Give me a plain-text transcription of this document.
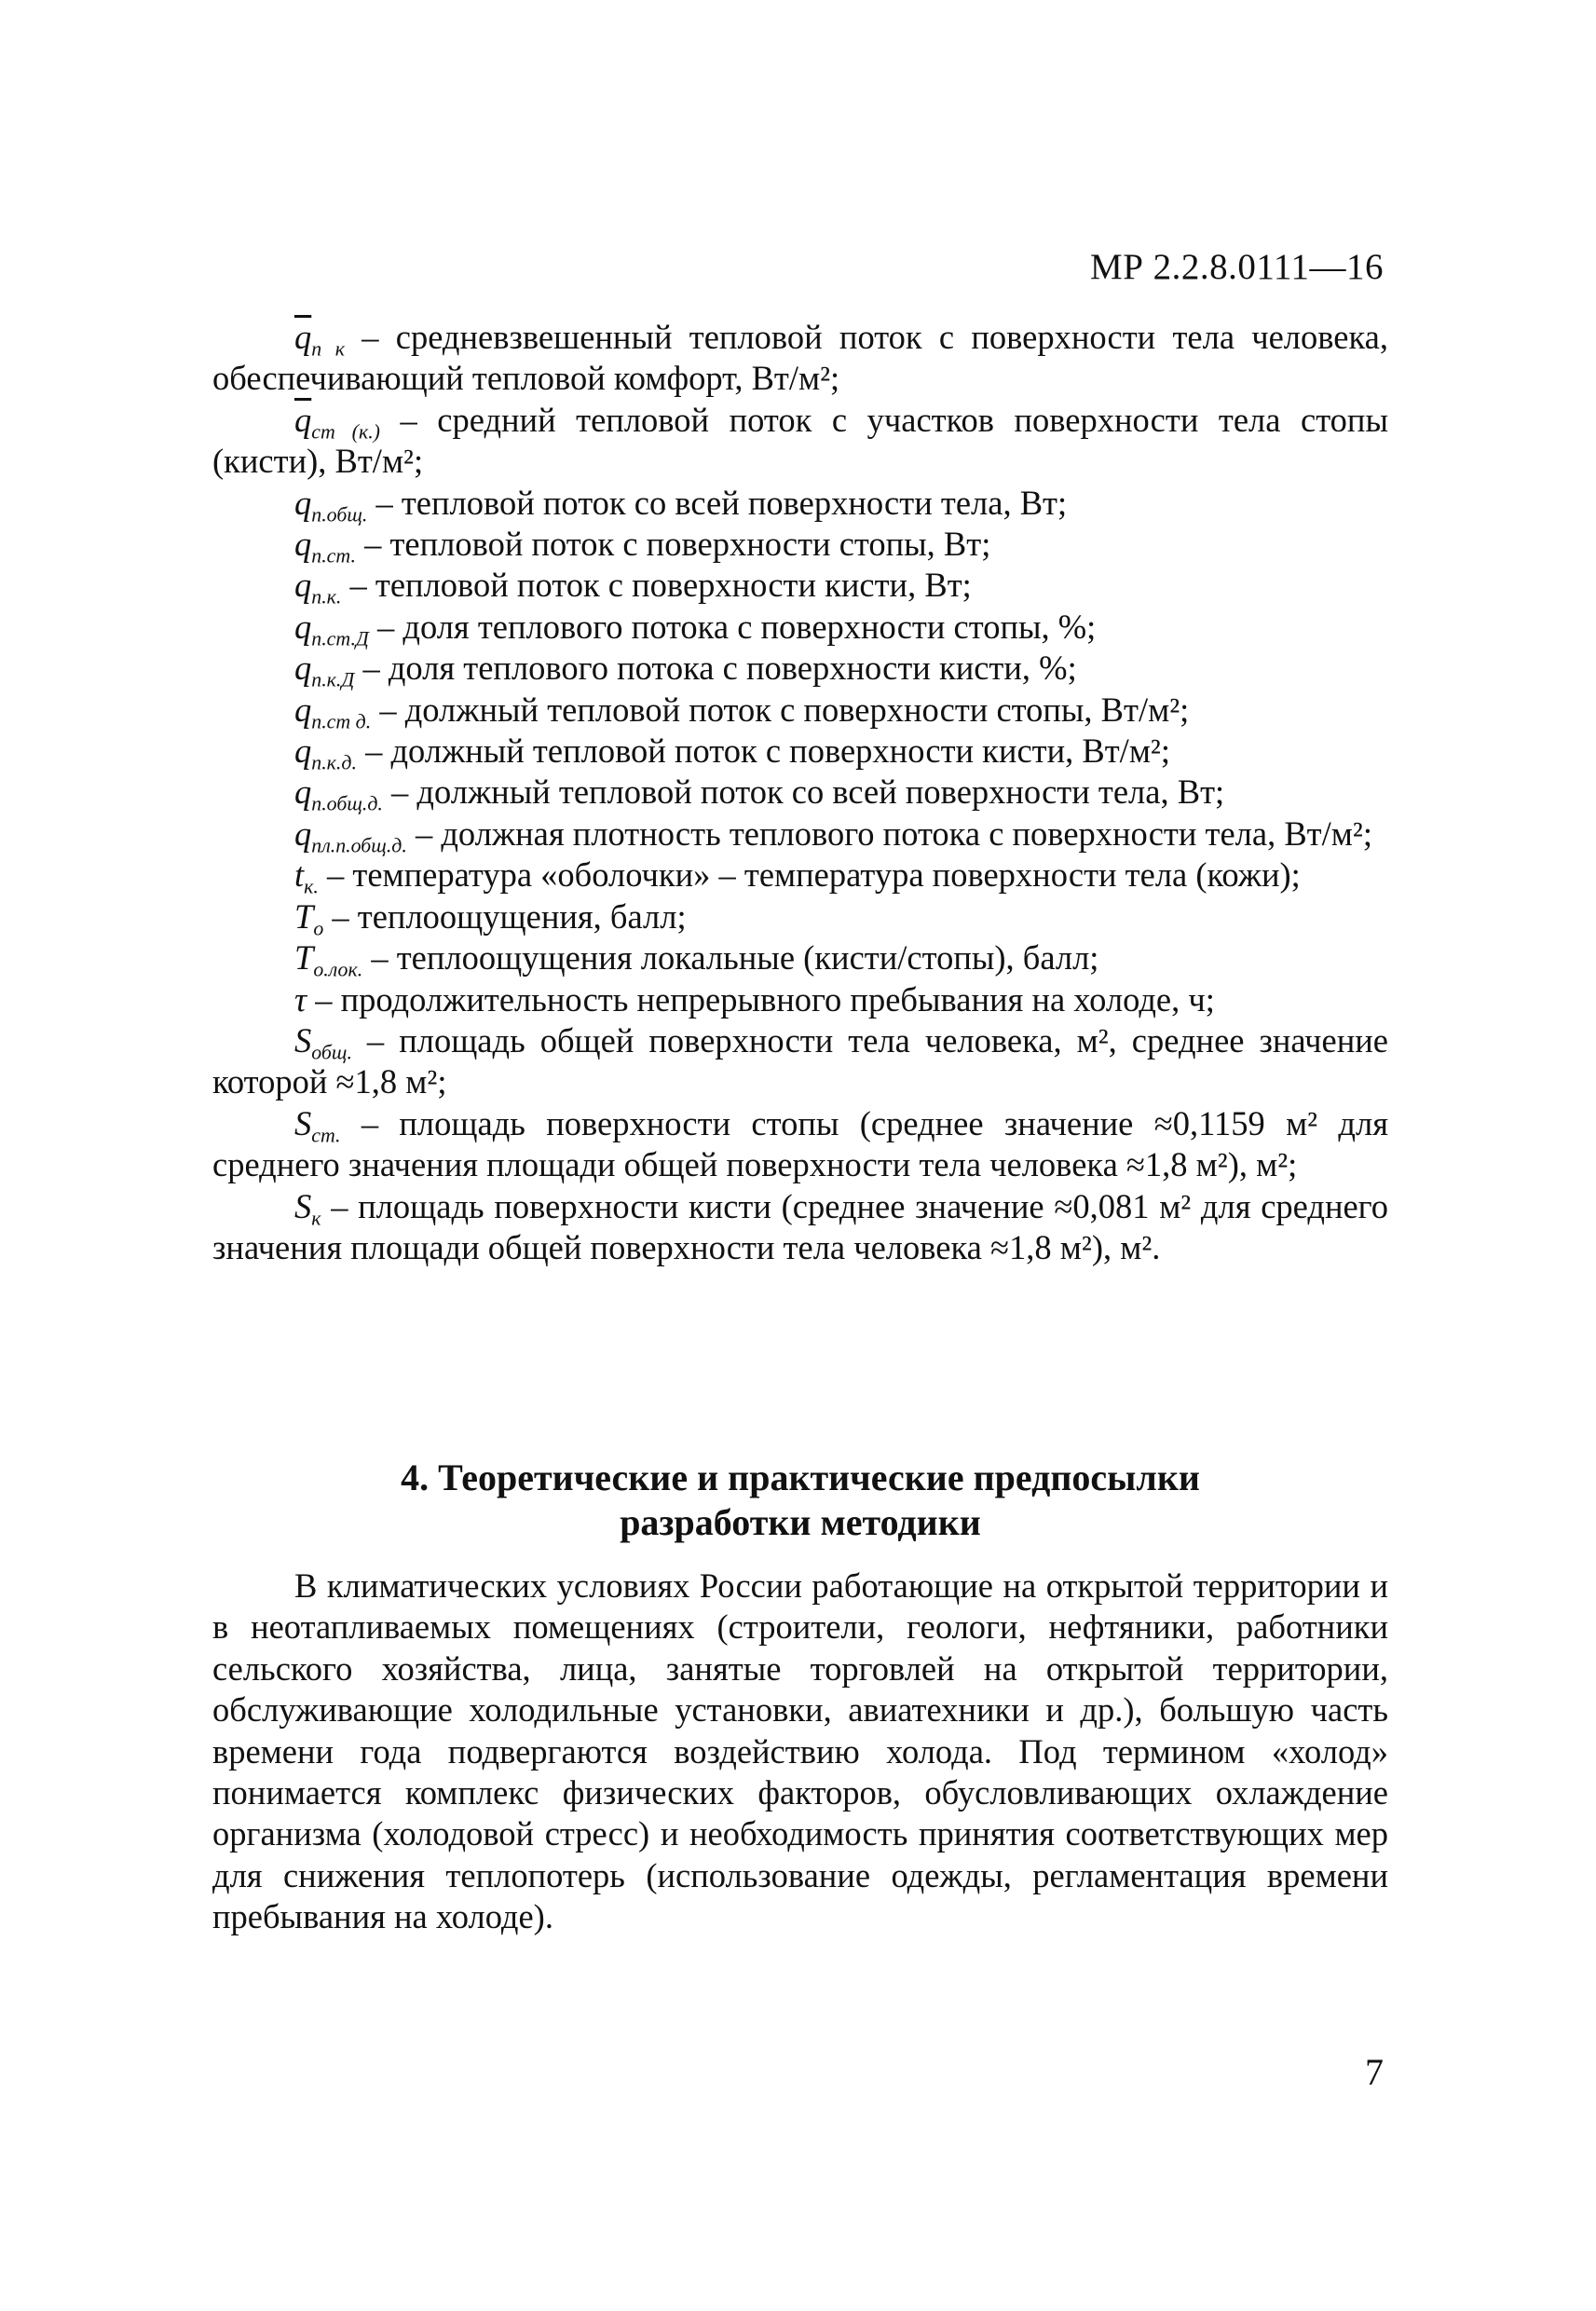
МР 2.2.8.0111—16

$\overline{q}_{п к}$ – средневзвешенный тепловой поток с поверхности тела человека, обеспечивающий тепловой комфорт, Вт/м²;

$\overline{q}_{ст (к.)}$ – средний тепловой поток с участков поверхности тела стопы (кисти), Вт/м²;

$q_{п.общ.}$ – тепловой поток со всей поверхности тела, Вт;

$q_{п.ст.}$ – тепловой поток с поверхности стопы, Вт;

$q_{п.к.}$ – тепловой поток с поверхности кисти, Вт;

$q_{п.ст.Д}$ – доля теплового потока с поверхности стопы, %;

$q_{п.к.Д}$ – доля теплового потока с поверхности кисти, %;

$q_{п.ст д.}$ – должный тепловой поток с поверхности стопы, Вт/м²;

$q_{п.к.д.}$ – должный тепловой поток с поверхности кисти, Вт/м²;

$q_{п.общ.д.}$ – должный тепловой поток со всей поверхности тела, Вт;

$q_{пл.п.общ.д.}$ – должная плотность теплового потока с поверхности тела, Вт/м²;

$t_{к.}$ – температура «оболочки» – температура поверхности тела (кожи);

$T_о$ – теплоощущения, балл;

$T_{о.лок.}$ – теплоощущения локальные (кисти/стопы), балл;

τ – продолжительность непрерывного пребывания на холоде, ч;

$S_{общ.}$ – площадь общей поверхности тела человека, м², среднее значение которой ≈1,8 м²;

$S_{ст.}$ – площадь поверхности стопы (среднее значение ≈0,1159 м² для среднего значения площади общей поверхности тела человека ≈1,8 м²), м²;

$S_к$ – площадь поверхности кисти (среднее значение ≈0,081 м² для среднего значения площади общей поверхности тела человека ≈1,8 м²), м².

4. Теоретические и практические предпосылки
разработки методики

В климатических условиях России работающие на открытой территории и в неотапливаемых помещениях (строители, геологи, нефтяники, работники сельского хозяйства, лица, занятые торговлей на открытой территории, обслуживающие холодильные установки, авиатехники и др.), большую часть времени года подвергаются воздействию холода. Под термином «холод» понимается комплекс физических факторов, обусловливающих охлаждение организма (холодовой стресс) и необходимость принятия соответствующих мер для снижения теплопотерь (использование одежды, регламентация времени пребывания на холоде).

7
